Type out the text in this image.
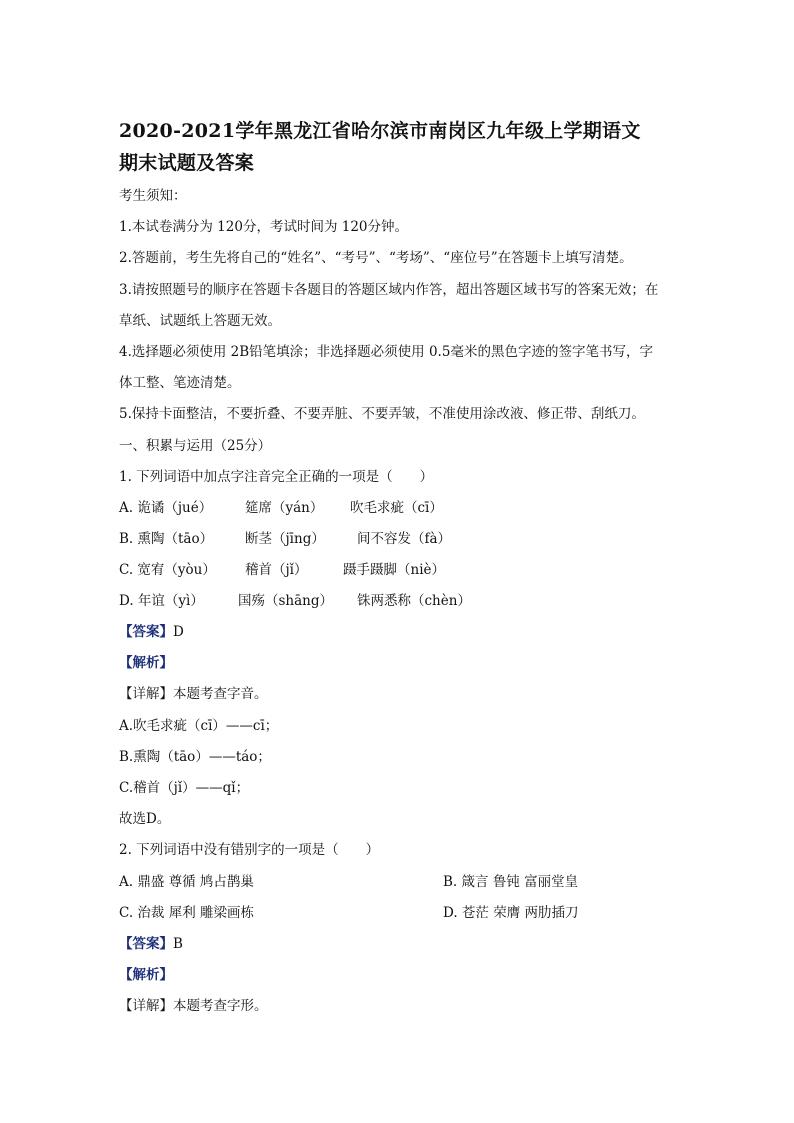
2020-2021学年黑龙江省哈尔滨市南岗区九年级上学期语文
期末试题及答案
考生须知：
1.本试卷满分为 120分，考试时间为 120分钟。
2.答题前，考生先将自己的“姓名”、“考号”、“考场”、“座位号”在答题卡上填写清楚。
3.请按照题号的顺序在答题卡各题目的答题区域内作答，超出答题区域书写的答案无效；在
草纸、试题纸上答题无效。
4.选择题必须使用 2B铅笔填涂；非选择题必须使用 0.5毫米的黑色字迹的签字笔书写，字
体工整、笔迹清楚。
5.保持卡面整洁，不要折叠、不要弄脏、不要弄皱，不准使用涂改液、修正带、刮纸刀。
一、积累与运用（25分）
1. 下列词语中加点字注音完全正确的一项是（　　）
A. 诡谲（jué） 筵席（yán） 吹毛求疵（cī）
B. 熏陶（tāo） 断茎（jīng） 间不容发（fà）
C. 宽宥（yòu） 稽首（jǐ）	蹑手蹑脚（niè）
D. 年谊（yì）	国殇（shāng） 铢两悉称（chèn）
【答案】D
【解析】
【详解】本题考查字音。
A.吹毛求疵（cī）——cī；
B.熏陶（tāo）——táo；
C.稽首（jǐ）——qǐ；
故选D。
2. 下列词语中没有错别字的一项是（　　）
A. 鼎盛 尊循 鸠占鹊巢	B. 箴言 鲁钝 富丽堂皇
C. 治裁 犀利 雕梁画栋	D. 苍茫 荣膺 两肋插刀
【答案】B
【解析】
【详解】本题考查字形。
